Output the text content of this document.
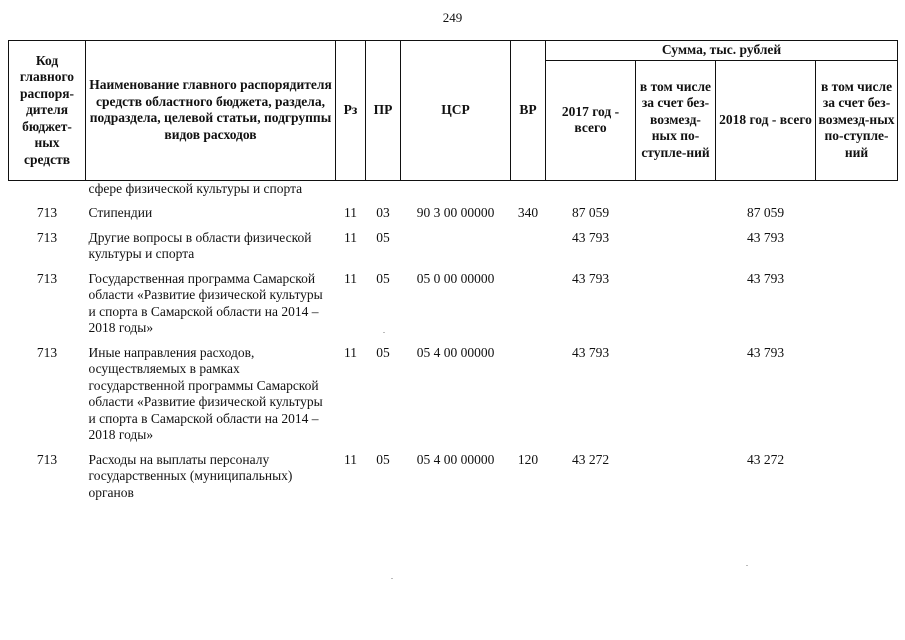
249
Код главного распоря-дителя бюджет-ных средств	Наименование главного распорядителя средств областного бюджета, раздела, подраздела, целевой статьи, подгруппы видов расходов	Рз	ПР	ЦСР	ВР	Сумма, тыс. рублей			
						2017 год - всего	в том числе за счет без-возмезд-ных по-ступле-ний	2018 год - всего	в том числе за счет без-возмезд-ных по-ступле-ний
	сфере физической культуры и спорта								
713	Стипендии	11	03	90 3 00 00000	340	87 059		87 059	
713	Другие вопросы в области физической культуры и спорта	11	05			43 793		43 793	
713	Государственная программа Самарской области «Развитие физической культуры и спорта в Самарской области на 2014 – 2018 годы»	11	05	05 0 00 00000		43 793		43 793	
713	Иные направления расходов, осуществляемых в рамках государственной программы Самарской области «Развитие физической культуры и спорта в Самарской области на 2014 – 2018 годы»	11	05	05 4 00 00000		43 793		43 793	
713	Расходы на выплаты персоналу государственных (муниципальных) органов	11	05	05 4 00 00000	120	43 272		43 272	
